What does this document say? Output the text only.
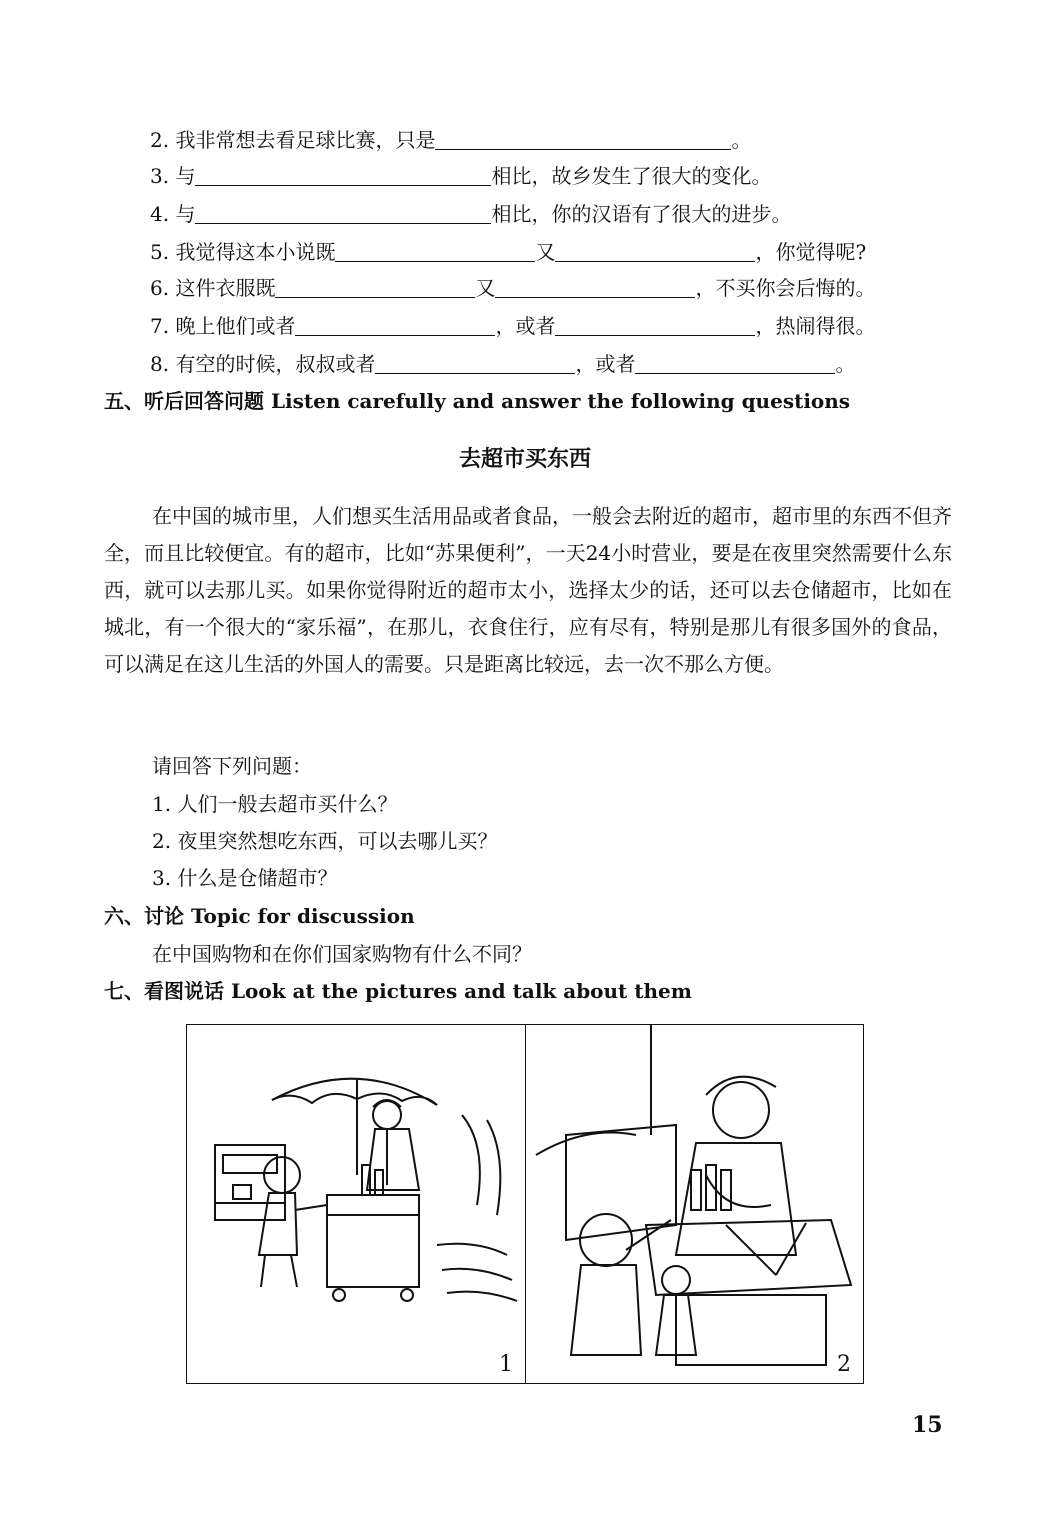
2. 我非常想去看足球比赛，只是	。
3. 与	相比，故乡发生了很大的变化。
4. 与	相比，你的汉语有了很大的进步。
5. 我觉得这本小说既	又	，你觉得呢?
6. 这件衣服既	又	，不买你会后悔的。
7. 晚上他们或者	，或者	，热闹得很。
8. 有空的时候，叔叔或者	，或者	。
五、听后回答问题 Listen carefully and answer the following questions
去超市买东西
在中国的城市里，人们想买生活用品或者食品，一般会去附近的超市，超市里的东西不但齐全，而且比较便宜。有的超市，比如“苏果便利”，一天24小时营业，要是在夜里突然需要什么东西，就可以去那儿买。如果你觉得附近的超市太小，选择太少的话，还可以去仓储超市，比如在城北，有一个很大的“家乐福”，在那儿，衣食住行，应有尽有，特别是那儿有很多国外的食品，可以满足在这儿生活的外国人的需要。只是距离比较远，去一次不那么方便。
请回答下列问题：
1. 人们一般去超市买什么？
2. 夜里突然想吃东西，可以去哪儿买？
3. 什么是仓储超市？
六、讨论 Topic for discussion
在中国购物和在你们国家购物有什么不同？
七、看图说话 Look at the pictures and talk about them
1	2
15
